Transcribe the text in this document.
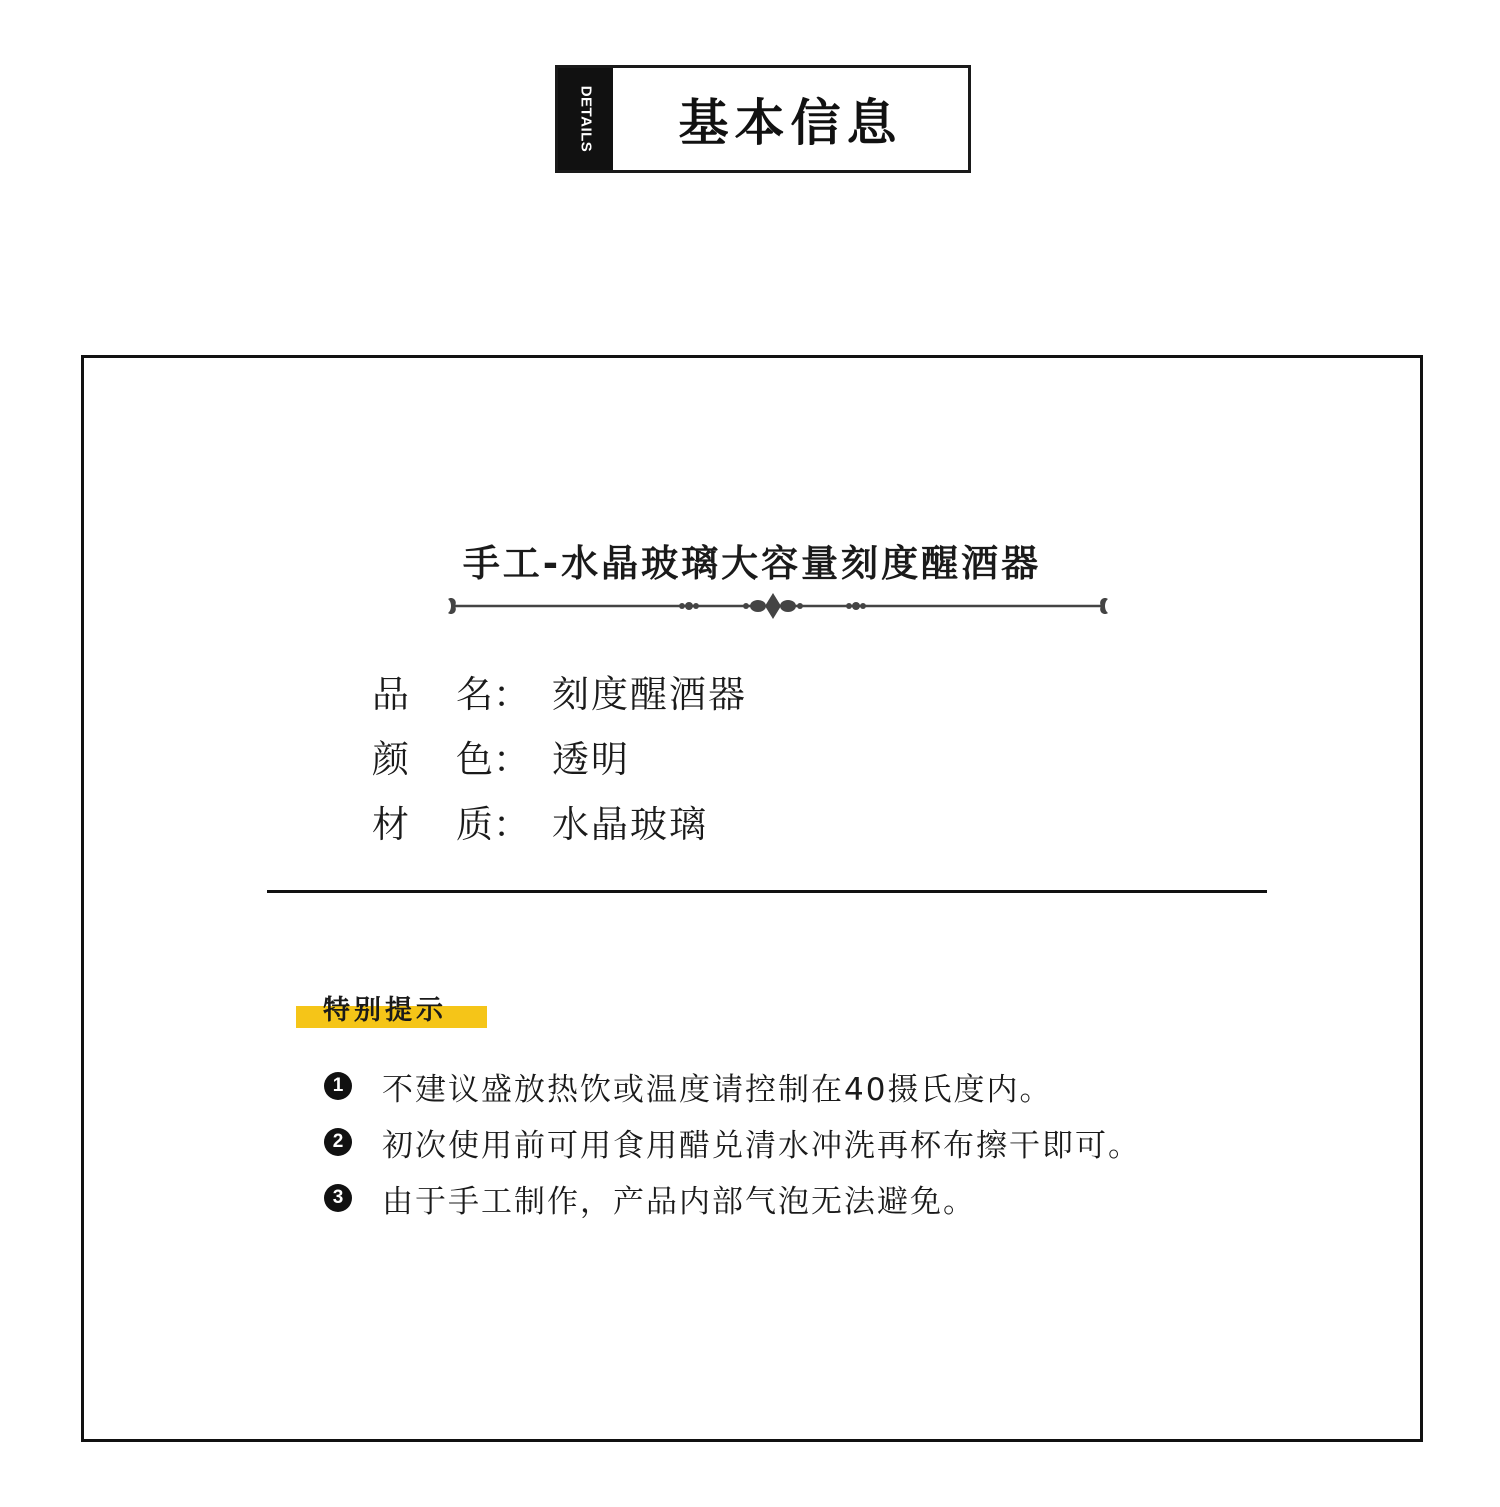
DETAILS	基本信息
手工-水晶玻璃大容量刻度醒酒器
品    名： 刻度醒酒器
颜    色： 透明
材    质： 水晶玻璃
特别提示
1 不建议盛放热饮或温度请控制在40摄氏度内。
2 初次使用前可用食用醋兑清水冲洗再杯布擦干即可。
3 由于手工制作，产品内部气泡无法避免。
